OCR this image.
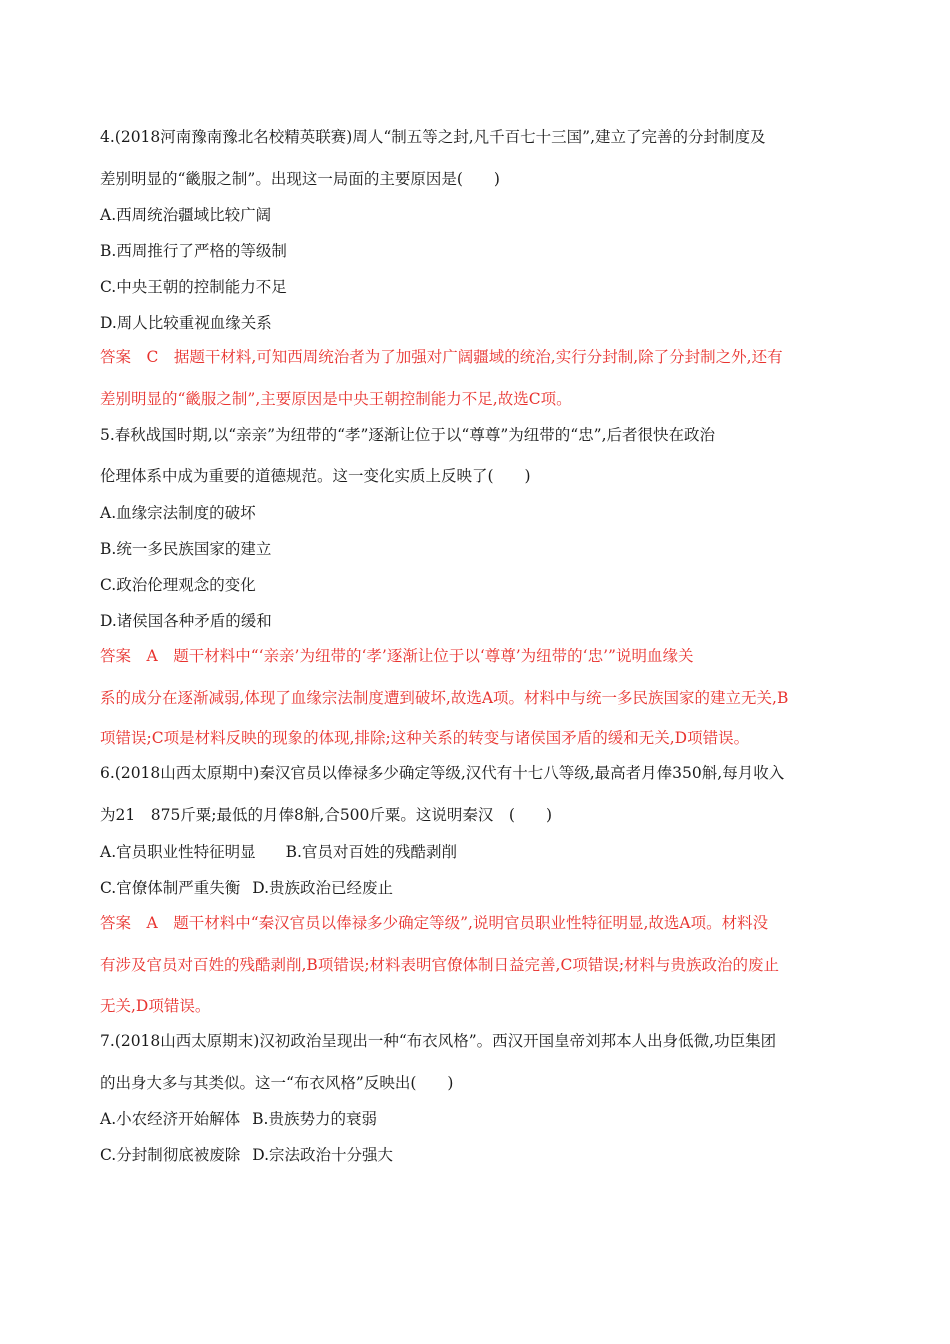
4.(2018河南豫南豫北名校精英联赛)周人“制五等之封,凡千百七十三国”,建立了完善的分封制度及
差别明显的“畿服之制”。出现这一局面的主要原因是(　　)
A.西周统治疆域比较广阔
B.西周推行了严格的等级制
C.中央王朝的控制能力不足
D.周人比较重视血缘关系
答案　C　据题干材料,可知西周统治者为了加强对广阔疆域的统治,实行分封制,除了分封制之外,还有
差别明显的“畿服之制”,主要原因是中央王朝控制能力不足,故选C项。
5.春秋战国时期,以“亲亲”为纽带的“孝”逐渐让位于以“尊尊”为纽带的“忠”,后者很快在政治
伦理体系中成为重要的道德规范。这一变化实质上反映了(　　)
A.血缘宗法制度的破坏
B.统一多民族国家的建立
C.政治伦理观念的变化
D.诸侯国各种矛盾的缓和
答案　A　题干材料中“‘亲亲’为纽带的‘孝’逐渐让位于以‘尊尊’为纽带的‘忠’”说明血缘关
系的成分在逐渐减弱,体现了血缘宗法制度遭到破坏,故选A项。材料中与统一多民族国家的建立无关,B
项错误;C项是材料反映的现象的体现,排除;这种关系的转变与诸侯国矛盾的缓和无关,D项错误。
6.(2018山西太原期中)秦汉官员以俸禄多少确定等级,汉代有十七八等级,最高者月俸350斛,每月收入
为21　875斤粟;最低的月俸8斛,合500斤粟。这说明秦汉　(　　)
A.官员职业性特征明显 B.官员对百姓的残酷剥削
C.官僚体制严重失衡 D.贵族政治已经废止
答案　A　题干材料中“秦汉官员以俸禄多少确定等级”,说明官员职业性特征明显,故选A项。材料没
有涉及官员对百姓的残酷剥削,B项错误;材料表明官僚体制日益完善,C项错误;材料与贵族政治的废止
无关,D项错误。
7.(2018山西太原期末)汉初政治呈现出一种“布衣风格”。西汉开国皇帝刘邦本人出身低微,功臣集团
的出身大多与其类似。这一“布衣风格”反映出(　　)
A.小农经济开始解体 B.贵族势力的衰弱
C.分封制彻底被废除 D.宗法政治十分强大
